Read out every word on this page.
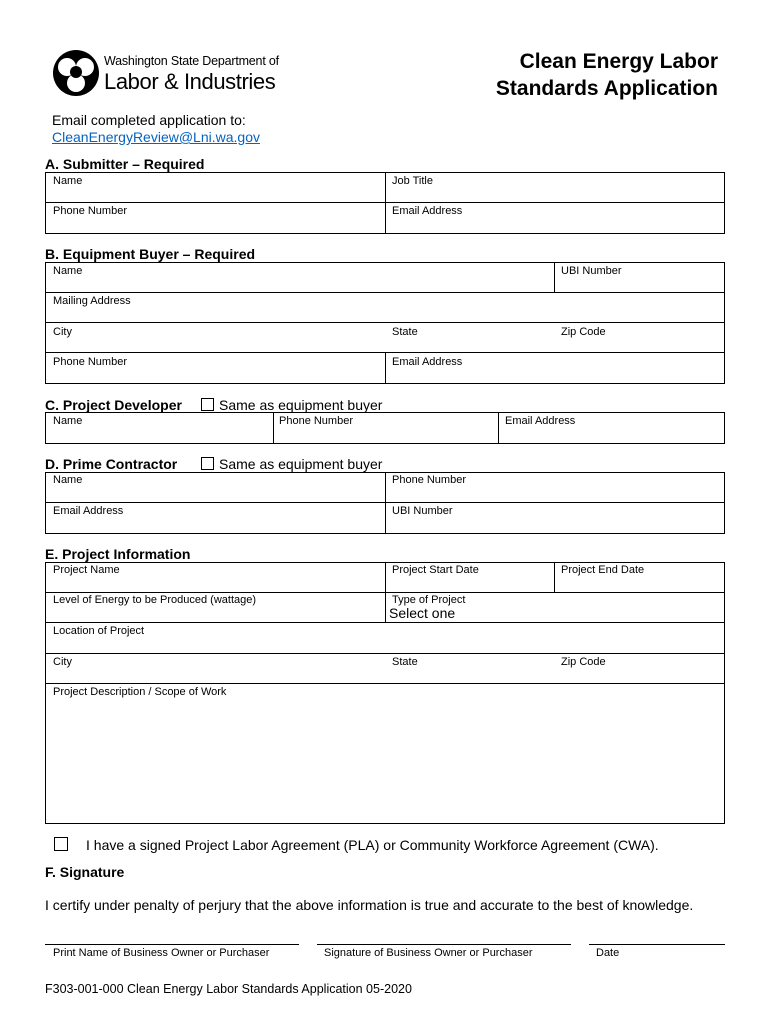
Washington State Department of
Labor & Industries
Clean Energy Labor
Standards Application
Email completed application to:
CleanEnergyReview@Lni.wa.gov
A. Submitter – Required
Name	Job Title
Phone Number	Email Address
B. Equipment Buyer – Required
Name	UBI Number
Mailing Address
City	State	Zip Code
Phone Number	Email Address
C. Project Developer	Same as equipment buyer
Name	Phone Number	Email Address
D. Prime Contractor	Same as equipment buyer
Name	Phone Number
Email Address	UBI Number
E. Project Information
Project Name	Project Start Date	Project End Date
Level of Energy to be Produced (wattage)	Type of Project
Select one
Location of Project
City	State	Zip Code
Project Description / Scope of Work
I have a signed Project Labor Agreement (PLA) or Community Workforce Agreement (CWA).
F. Signature
I certify under penalty of perjury that the above information is true and accurate to the best of knowledge.
Print Name of Business Owner or Purchaser	Signature of Business Owner or Purchaser	Date
F303-001-000 Clean Energy Labor Standards Application 05-2020
